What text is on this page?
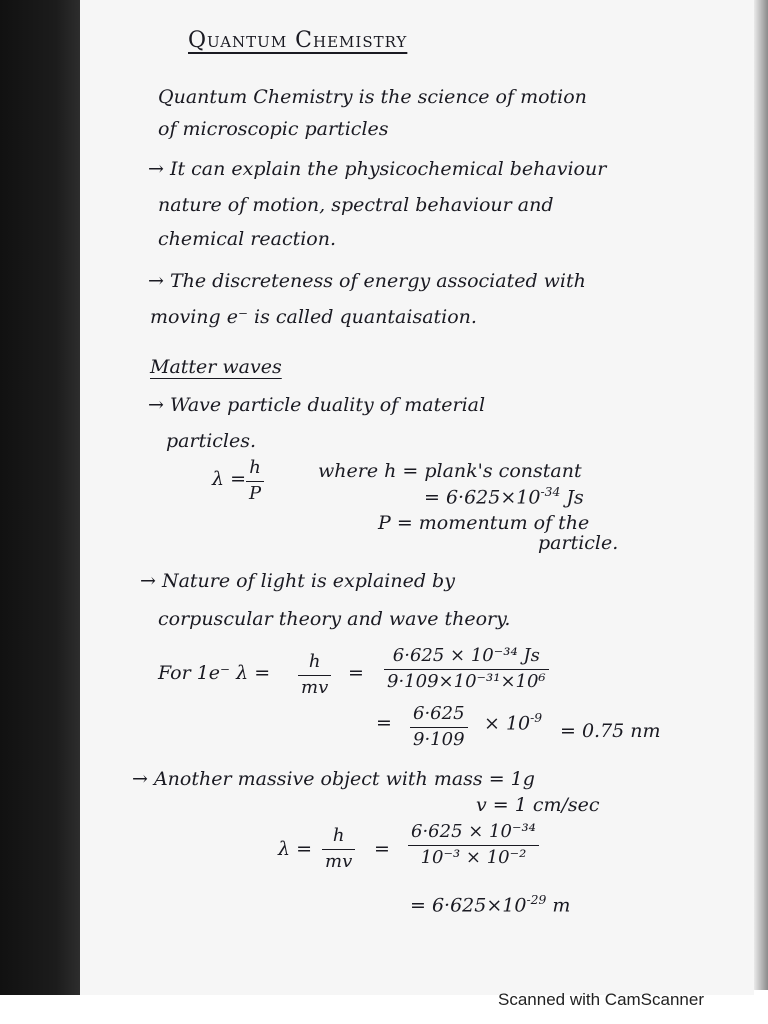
Quantum Chemistry
Quantum Chemistry is the science of motion
of microscopic particles
→ It can explain the physicochemical behaviour
nature of motion, spectral behaviour and
chemical reaction.
→ The discreteness of energy associated with
moving e⁻ is called quantaisation.
Matter waves
→ Wave particle duality of material
particles.
λ =
h
P
where h = plank's constant
= $6\cdot 625\times 10^{-34}$ Js
P = momentum of the
particle.
→ Nature of light is explained by
corpuscular theory and wave theory.
For 1e⁻ λ =
h
mv
=
6·625 × 10⁻³⁴ Js
9·109×10⁻³¹×10⁶
= 6·625
9·109
× $10^{-9}$
= 0.75 nm
→ Another massive object with mass = 1g
v = 1 cm/sec
λ =
h
mv
=
6·625 × 10⁻³⁴
10⁻³ × 10⁻²
= $6\cdot 625\times 10^{-29}$ m
Scanned with CamScanner
